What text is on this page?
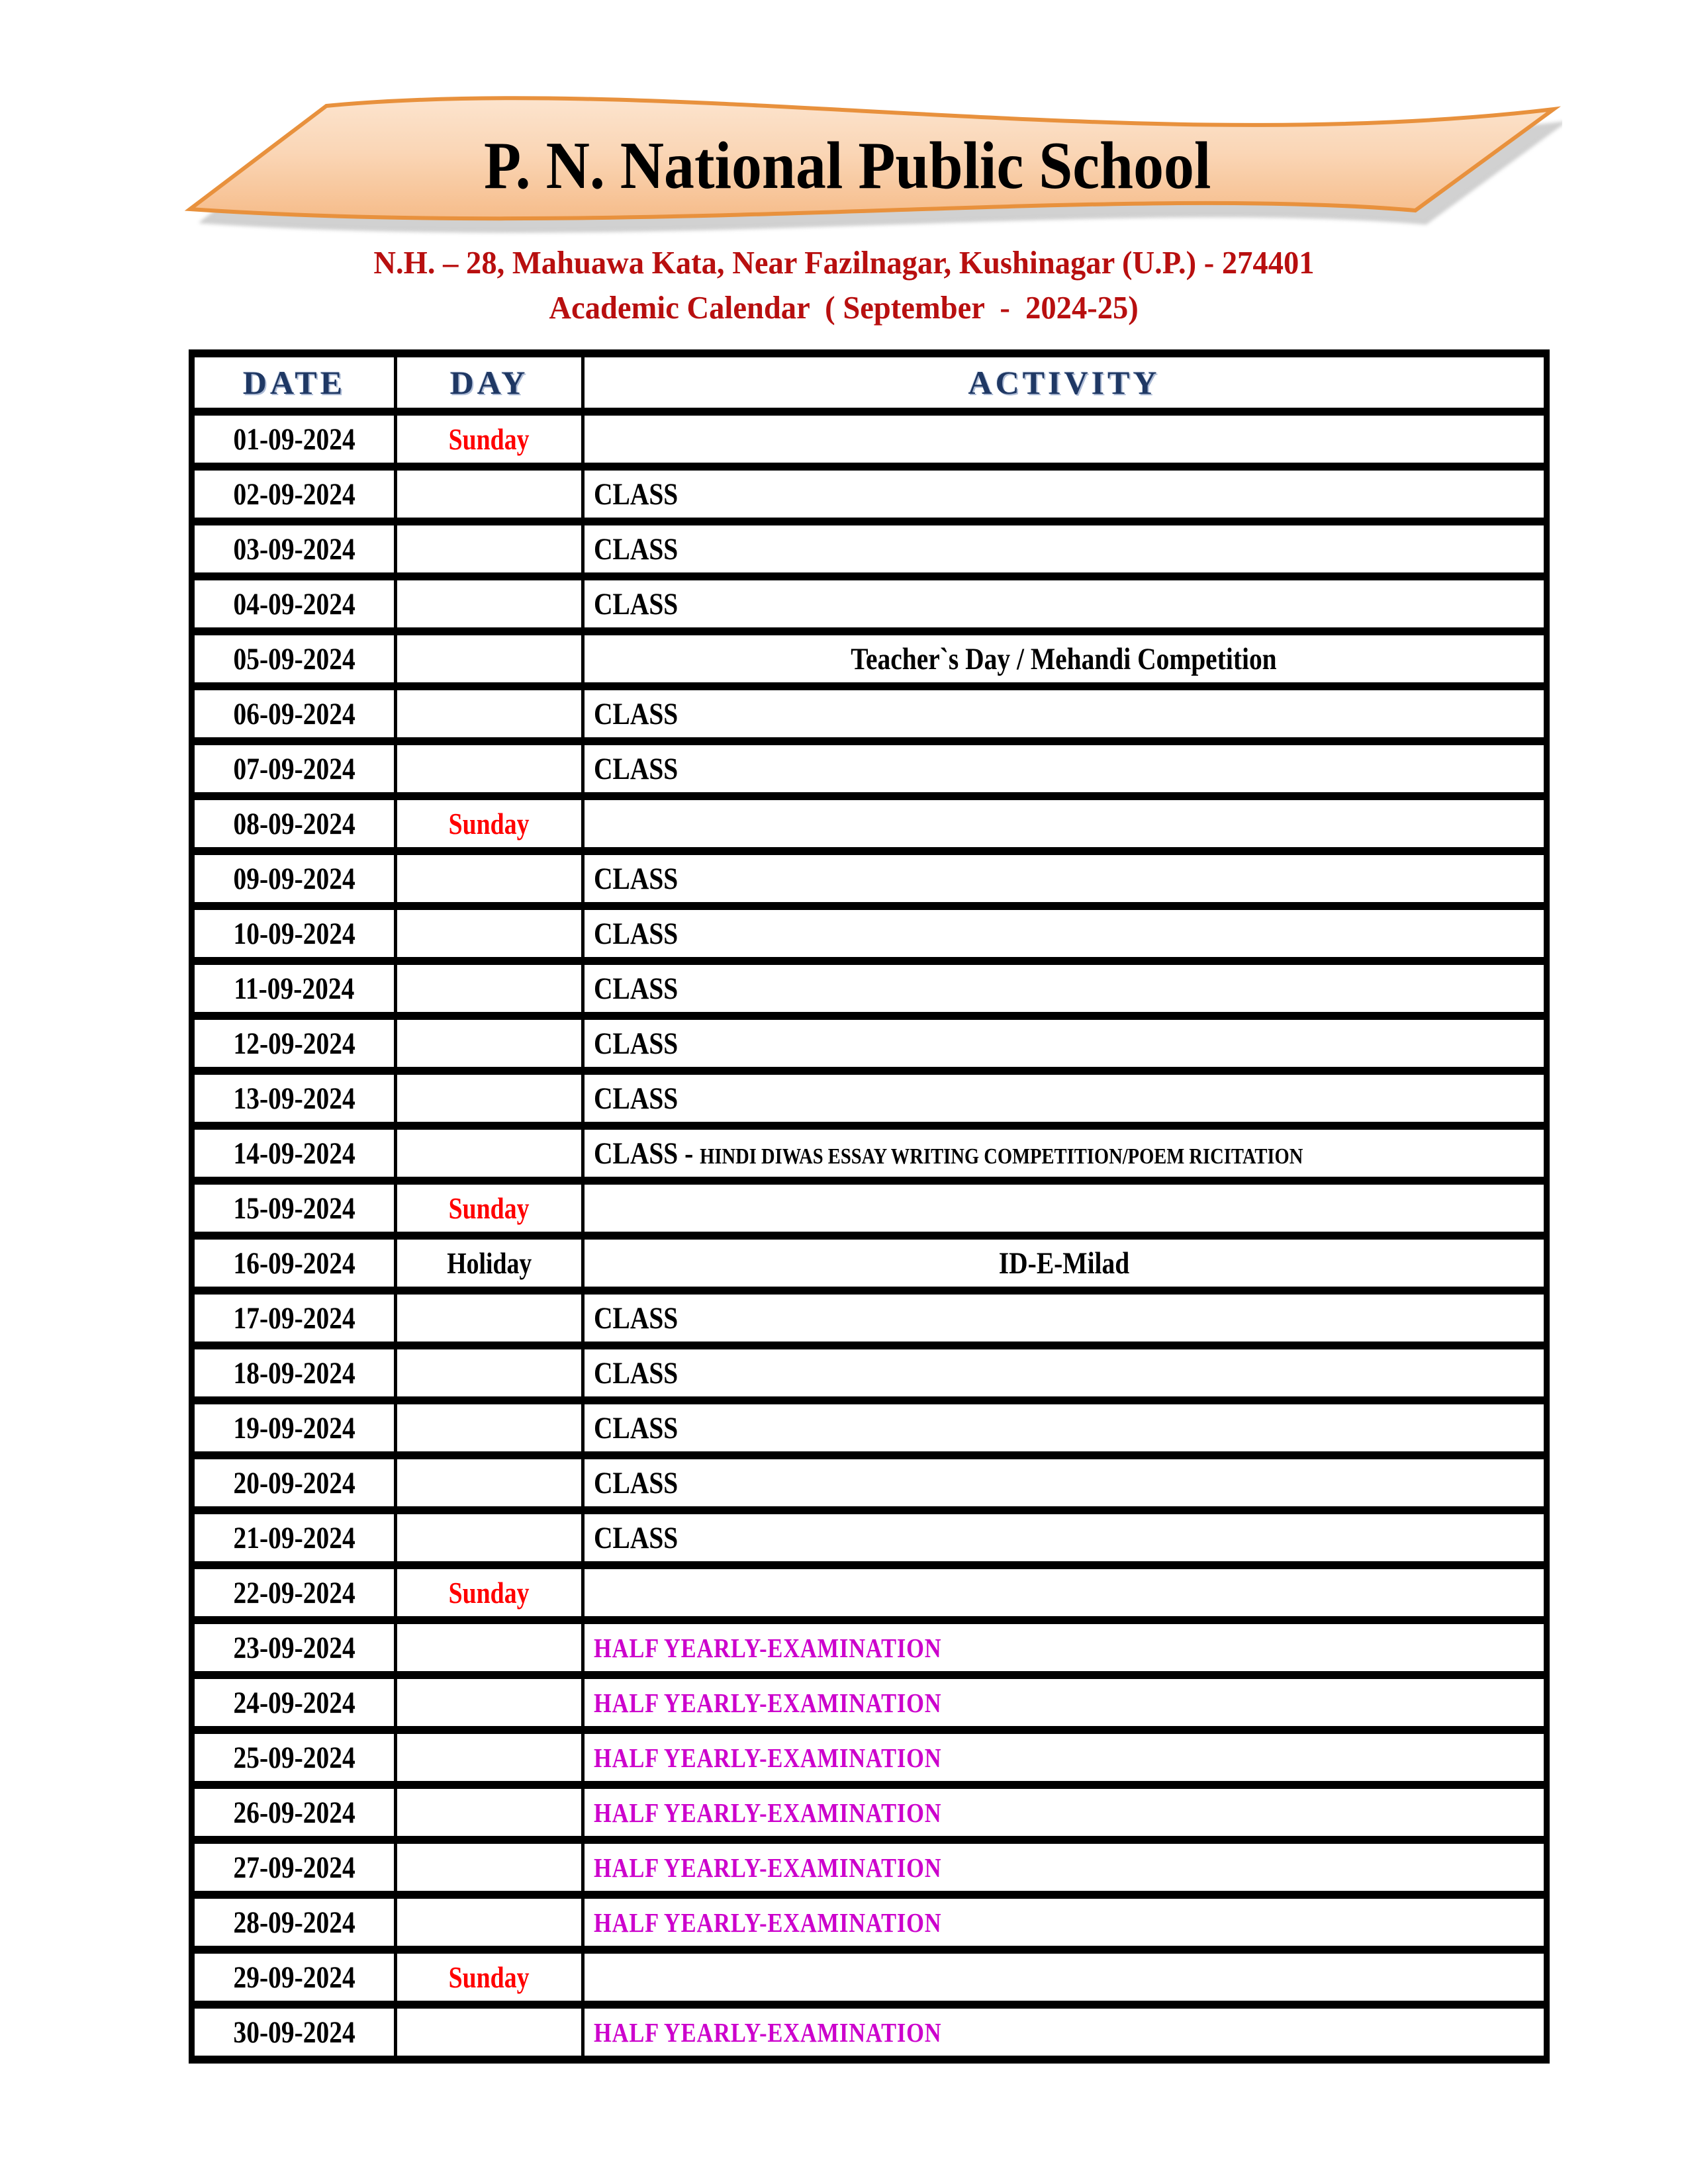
P. N. National Public School
N.H. – 28, Mahuawa Kata, Near Fazilnagar, Kushinagar (U.P.) - 274401
Academic Calendar  ( September  -  2024-25)
DATE	DAY	ACTIVITY
01-09-2024	Sunday	
02-09-2024		CLASS
03-09-2024		CLASS
04-09-2024		CLASS
05-09-2024		Teacher`s Day / Mehandi Competition
06-09-2024		CLASS
07-09-2024		CLASS
08-09-2024	Sunday	
09-09-2024		CLASS
10-09-2024		CLASS
11-09-2024		CLASS
12-09-2024		CLASS
13-09-2024		CLASS
14-09-2024		CLASS - HINDI DIWAS ESSAY WRITING COMPETITION/POEM RICITATION
15-09-2024	Sunday	
16-09-2024	Holiday	ID-E-Milad
17-09-2024		CLASS
18-09-2024		CLASS
19-09-2024		CLASS
20-09-2024		CLASS
21-09-2024		CLASS
22-09-2024	Sunday	
23-09-2024		HALF YEARLY-EXAMINATION
24-09-2024		HALF YEARLY-EXAMINATION
25-09-2024		HALF YEARLY-EXAMINATION
26-09-2024		HALF YEARLY-EXAMINATION
27-09-2024		HALF YEARLY-EXAMINATION
28-09-2024		HALF YEARLY-EXAMINATION
29-09-2024	Sunday	
30-09-2024		HALF YEARLY-EXAMINATION
